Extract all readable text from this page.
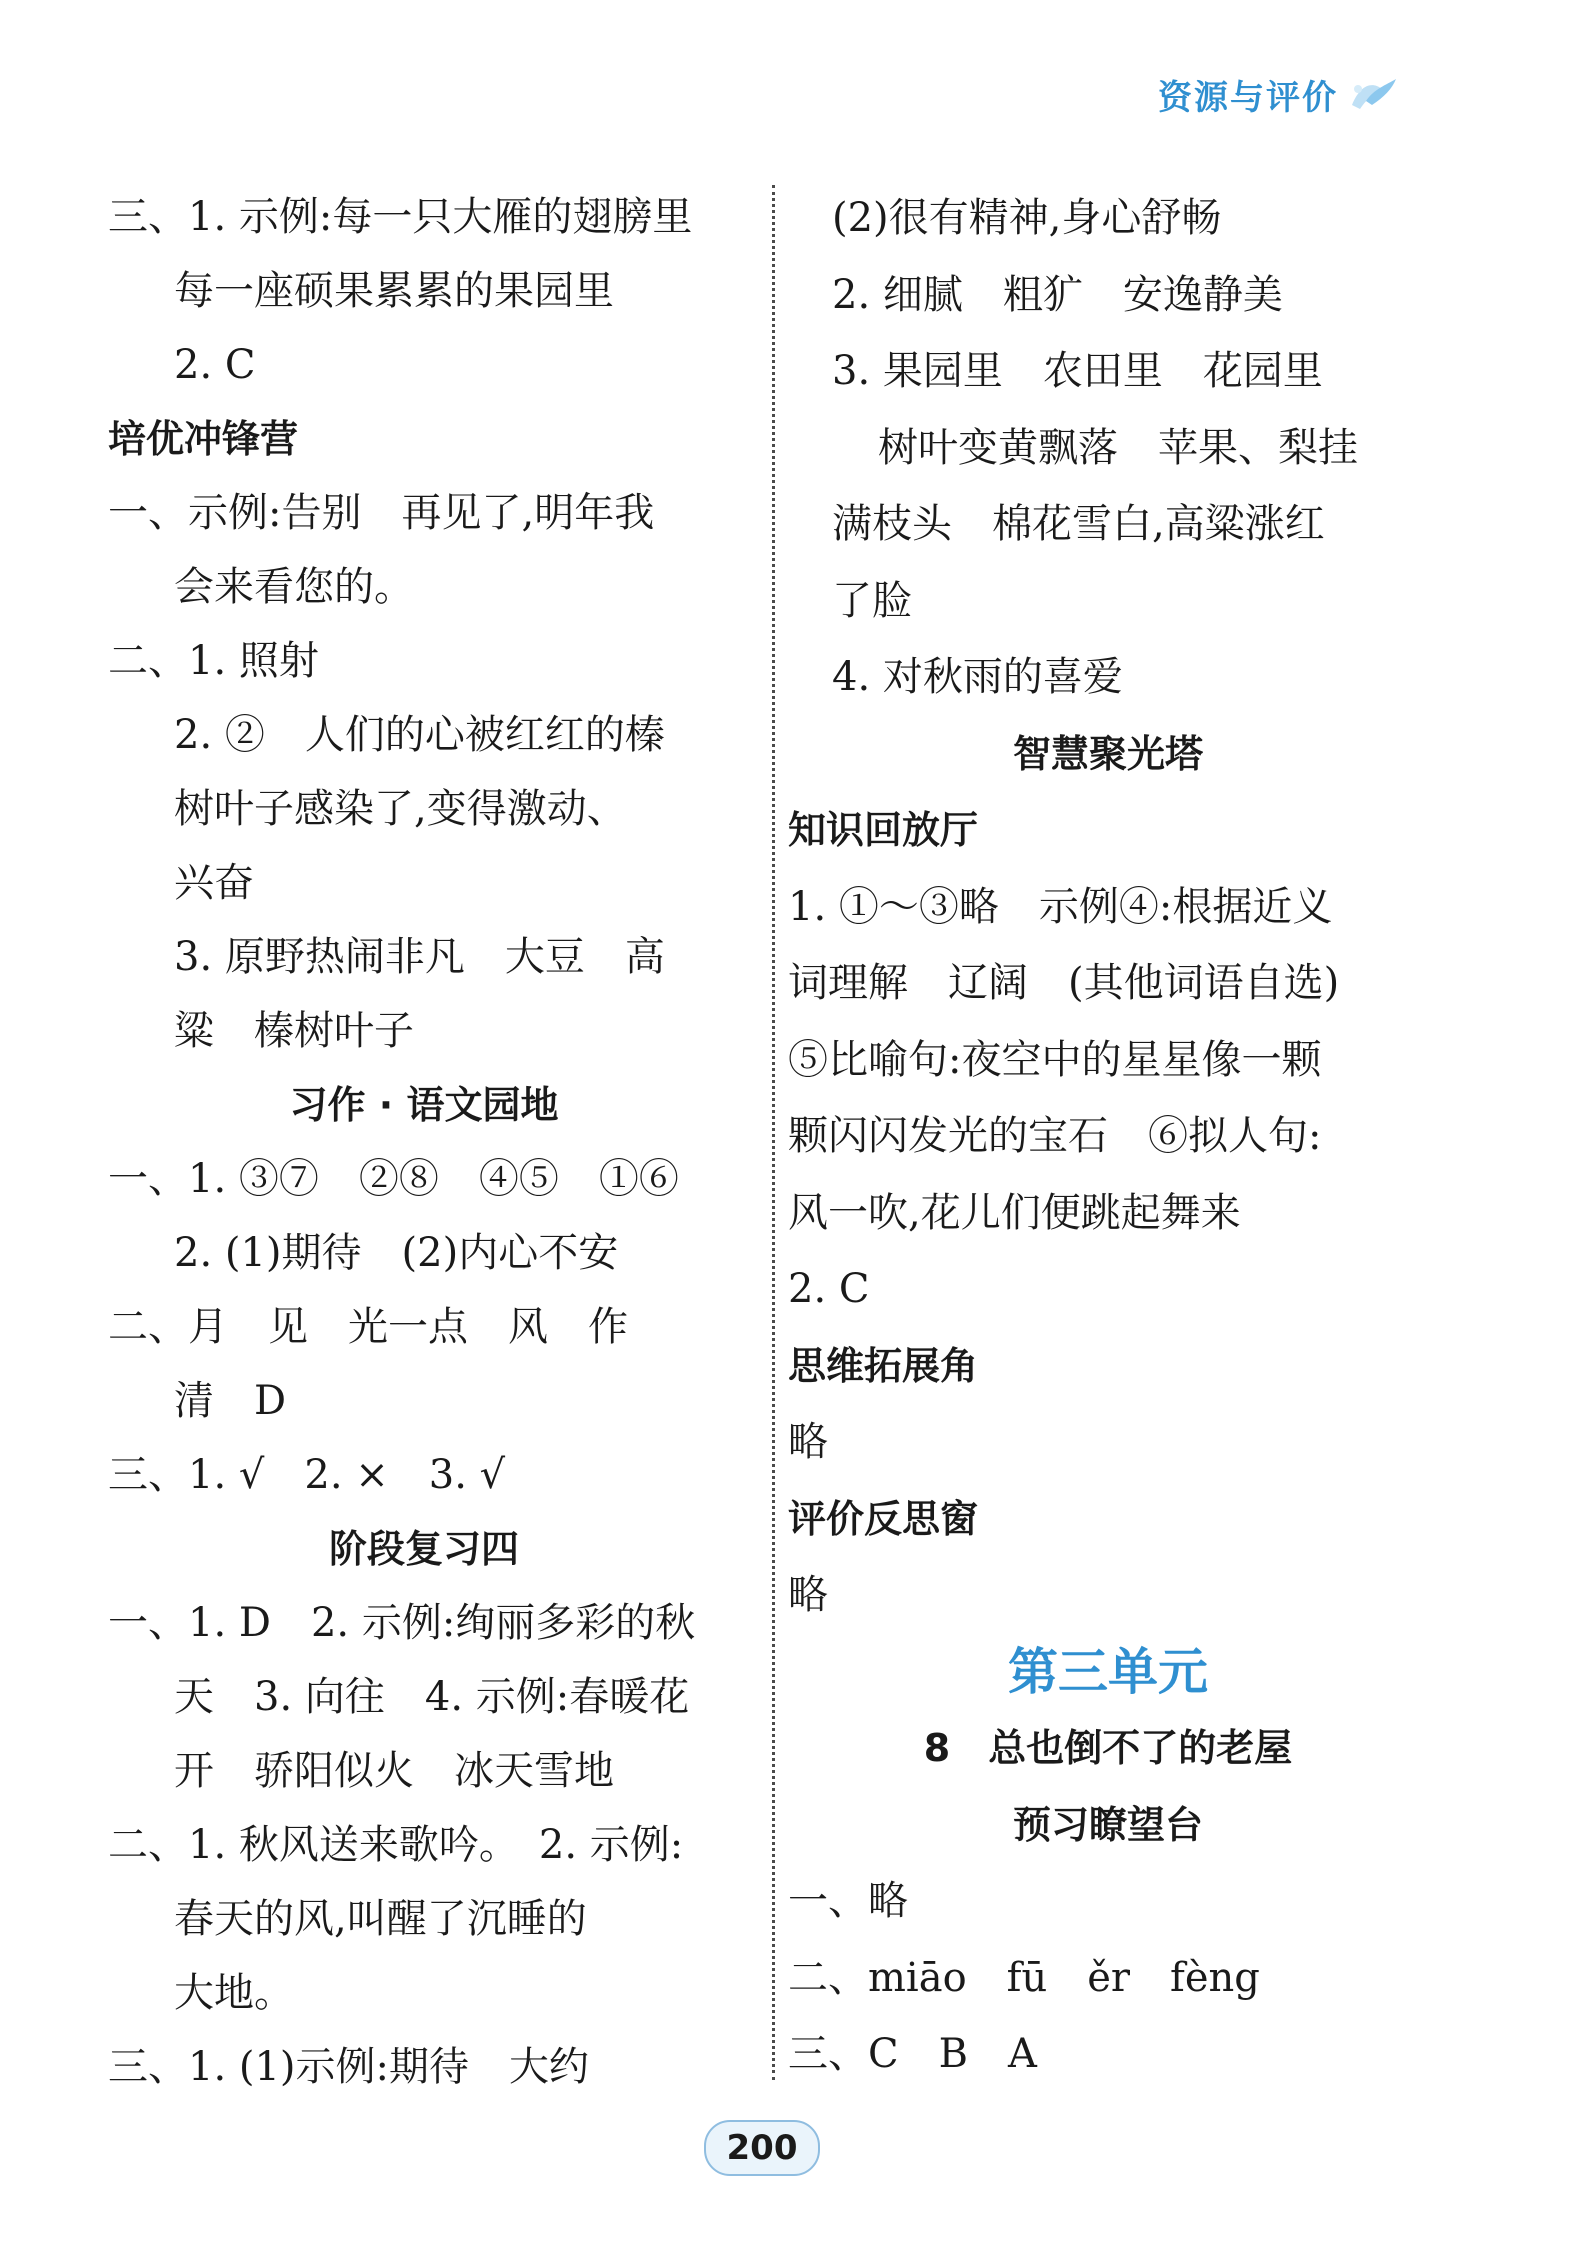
资源与评价
三、1. 示例:每一只大雁的翅膀里
每一座硕果累累的果园里
2. C
培优冲锋营
一、示例:告别　再见了,明年我
会来看您的。
二、1. 照射
2. ②　人们的心被红红的榛
树叶子感染了,变得激动、
兴奋
3. 原野热闹非凡　大豆　高
粱　榛树叶子
习作 · 语文园地
一、1. ③⑦　②⑧　④⑤　①⑥
2. (1)期待　(2)内心不安
二、月　见　光一点　风　作
清　D
三、1. √　2. ×　3. √
阶段复习四
一、1. D　2. 示例:绚丽多彩的秋
天　3. 向往　4. 示例:春暖花
开　骄阳似火　冰天雪地
二、1. 秋风送来歌吟。　2. 示例:
春天的风,叫醒了沉睡的
大地。
三、1. (1)示例:期待　大约
(2)很有精神,身心舒畅
2. 细腻　粗犷　安逸静美
3. 果园里　农田里　花园里
树叶变黄飘落　苹果、梨挂
满枝头　棉花雪白,高粱涨红
了脸
4. 对秋雨的喜爱
智慧聚光塔
知识回放厅
1. ①～③略　示例④:根据近义
词理解　辽阔　(其他词语自选)
⑤比喻句:夜空中的星星像一颗
颗闪闪发光的宝石　⑥拟人句:
风一吹,花儿们便跳起舞来
2. C
思维拓展角
略
评价反思窗
略
第三单元
8　总也倒不了的老屋
预习瞭望台
一、略
二、miāo　fū　ěr　fèng
三、C　B　A
200
